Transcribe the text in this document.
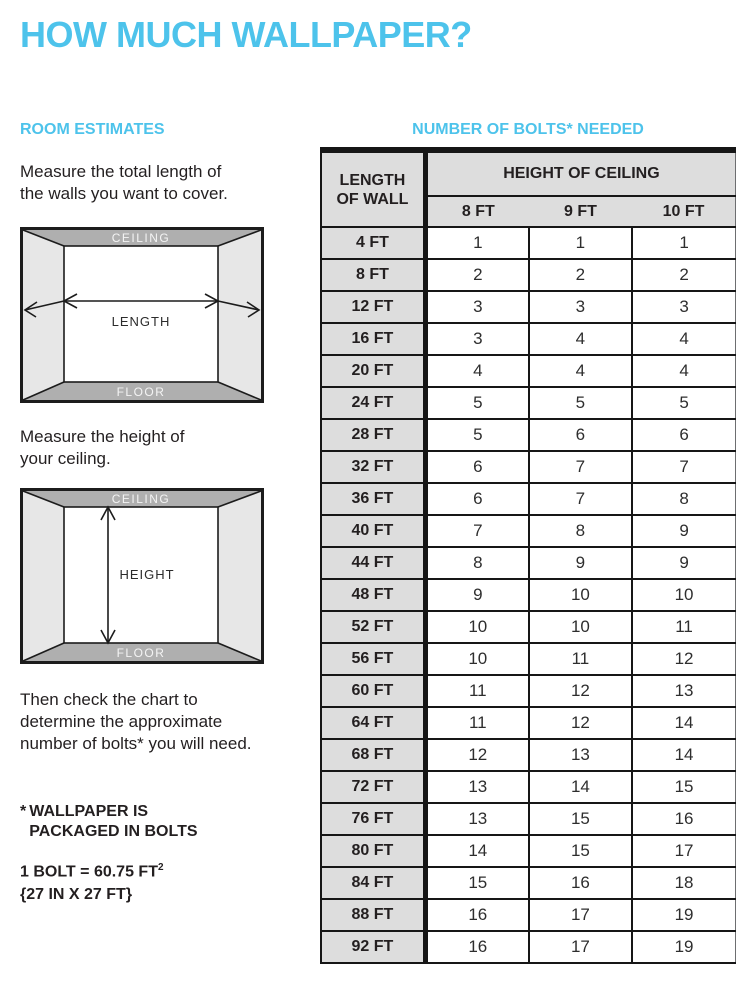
HOW MUCH WALLPAPER?
ROOM ESTIMATES	NUMBER OF BOLTS* NEEDED
Measure the total length of
the walls you want to cover.
CEILING
LENGTH
FLOOR
Measure the height of
your ceiling.
CEILING
HEIGHT
FLOOR
Then check the chart to
determine the approximate
number of bolts* you will need.
* WALLPAPER IS
PACKAGED IN BOLTS
1 BOLT = 60.75 $FT^2$
{27 IN X 27 FT}
LENGTH
OF WALL	HEIGHT OF CEILING		
	8 FT	9 FT	10 FT
4 FT	1	1	1
8 FT	2	2	2
12 FT	3	3	3
16 FT	3	4	4
20 FT	4	4	4
24 FT	5	5	5
28 FT	5	6	6
32 FT	6	7	7
36 FT	6	7	8
40 FT	7	8	9
44 FT	8	9	9
48 FT	9	10	10
52 FT	10	10	11
56 FT	10	11	12
60 FT	11	12	13
64 FT	11	12	14
68 FT	12	13	14
72 FT	13	14	15
76 FT	13	15	16
80 FT	14	15	17
84 FT	15	16	18
88 FT	16	17	19
92 FT	16	17	19
